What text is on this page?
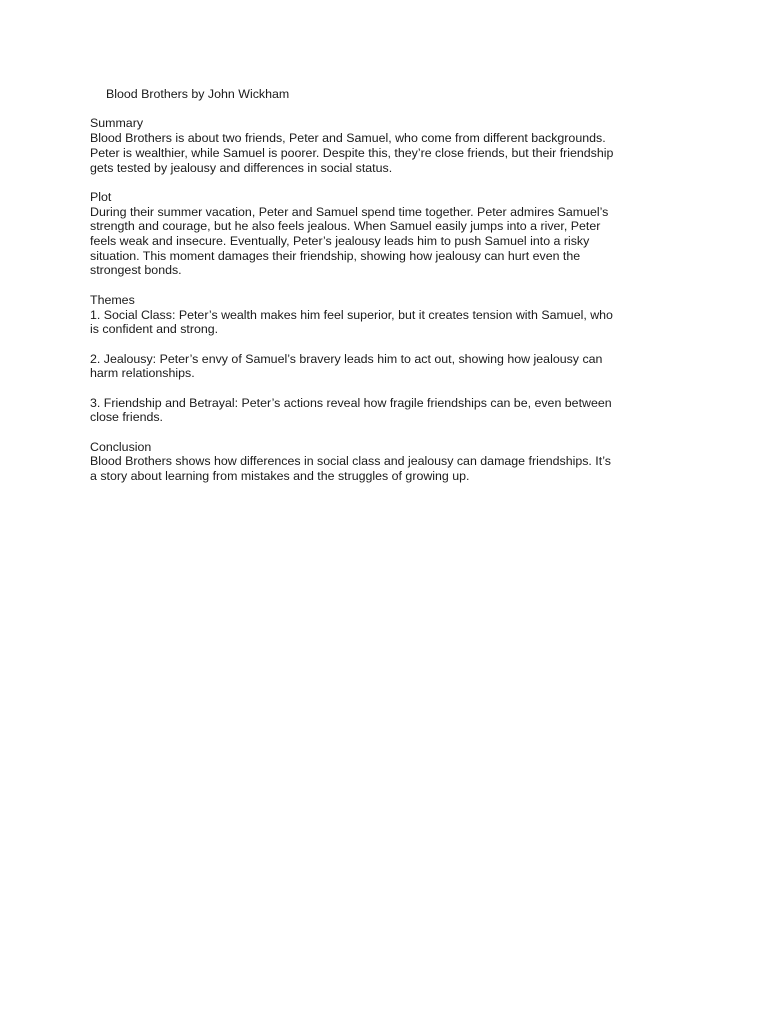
Blood Brothers by John Wickham

Summary

Blood Brothers is about two friends, Peter and Samuel, who come from different backgrounds.
Peter is wealthier, while Samuel is poorer. Despite this, they’re close friends, but their friendship
gets tested by jealousy and differences in social status.

Plot

During their summer vacation, Peter and Samuel spend time together. Peter admires Samuel’s
strength and courage, but he also feels jealous. When Samuel easily jumps into a river, Peter
feels weak and insecure. Eventually, Peter’s jealousy leads him to push Samuel into a risky
situation. This moment damages their friendship, showing how jealousy can hurt even the
strongest bonds.

Themes

1. Social Class: Peter’s wealth makes him feel superior, but it creates tension with Samuel, who
is confident and strong.
2. Jealousy: Peter’s envy of Samuel’s bravery leads him to act out, showing how jealousy can
harm relationships.
3. Friendship and Betrayal: Peter’s actions reveal how fragile friendships can be, even between
close friends.

Conclusion

Blood Brothers shows how differences in social class and jealousy can damage friendships. It’s
a story about learning from mistakes and the struggles of growing up.
